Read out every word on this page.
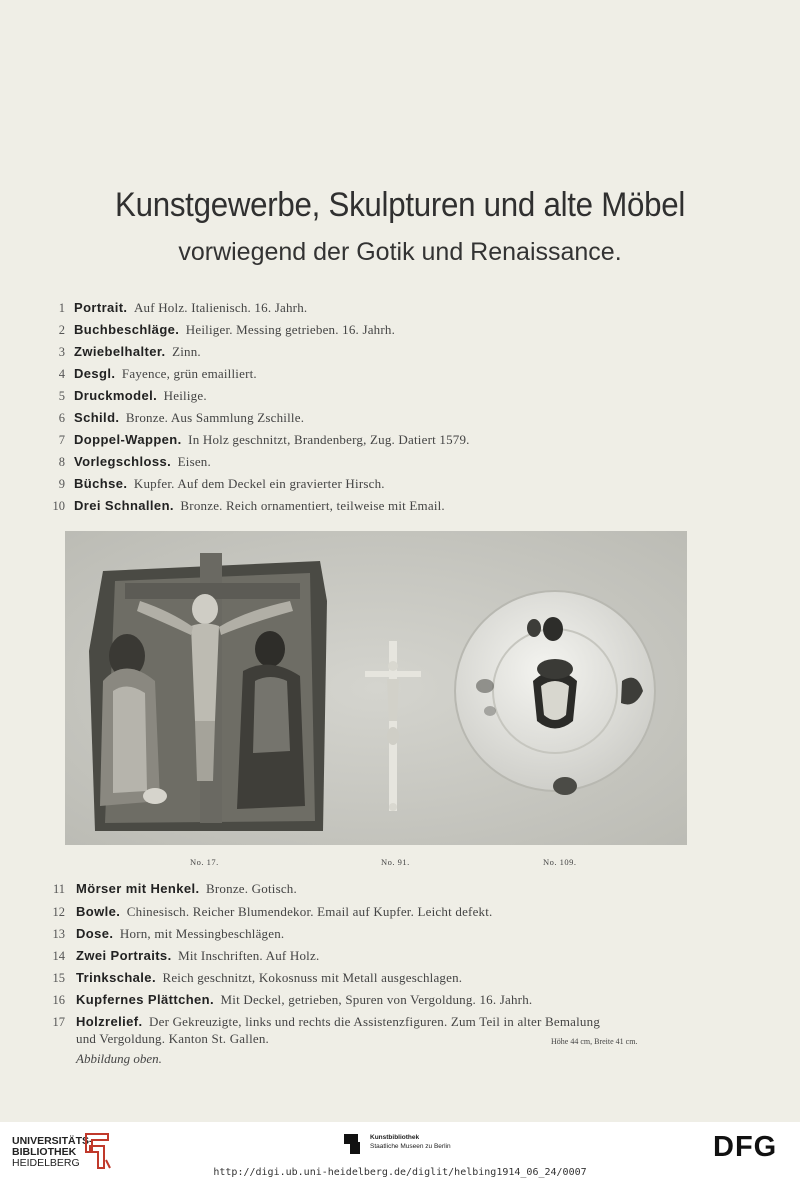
Kunstgewerbe, Skulpturen und alte Möbel
vorwiegend der Gotik und Renaissance.
1 Portrait. Auf Holz. Italienisch. 16. Jahrh.
2 Buchbeschläge. Heiliger. Messing getrieben. 16. Jahrh.
3 Zwiebelhalter. Zinn.
4 Desgl. Fayence, grün emailliert.
5 Druckmodel. Heilige.
6 Schild. Bronze. Aus Sammlung Zschille.
7 Doppel-Wappen. In Holz geschnitzt, Brandenberg, Zug. Datiert 1579.
8 Vorlegschloss. Eisen.
9 Büchse. Kupfer. Auf dem Deckel ein gravierter Hirsch.
10 Drei Schnallen. Bronze. Reich ornamentiert, teilweise mit Email.
No. 17.	No. 91.	No. 109.
11 Mörser mit Henkel. Bronze. Gotisch.
12 Bowle. Chinesisch. Reicher Blumendekor. Email auf Kupfer. Leicht defekt.
13 Dose. Horn, mit Messingbeschlägen.
14 Zwei Portraits. Mit Inschriften. Auf Holz.
15 Trinkschale. Reich geschnitzt, Kokosnuss mit Metall ausgeschlagen.
16 Kupfernes Plättchen. Mit Deckel, getrieben, Spuren von Vergoldung. 16. Jahrh.
17 Holzrelief. Der Gekreuzigte, links und rechts die Assistenzfiguren. Zum Teil in alter Bemalung
und Vergoldung. Kanton St. Gallen.	Höhe 44 cm, Breite 41 cm.
Abbildung oben.
UNIVERSITÄTS-
BIBLIOTHEK
HEIDELBERG
Kunstbibliothek
Staatliche Museen zu Berlin	DFG
http://digi.ub.uni-heidelberg.de/diglit/helbing1914_06_24/0007
